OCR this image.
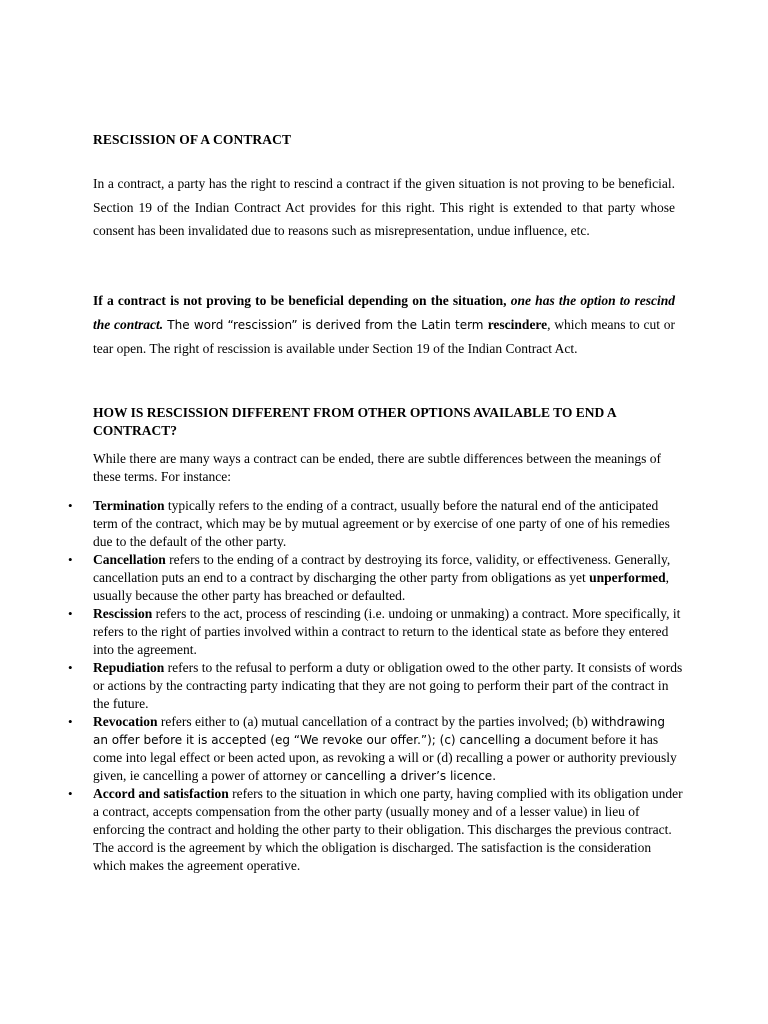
RESCISSION OF A CONTRACT

In a contract, a party has the right to rescind a contract if the given situation is not proving to be beneficial. Section 19 of the Indian Contract Act provides for this right. This right is extended to that party whose consent has been invalidated due to reasons such as misrepresentation, undue influence, etc.

If a contract is not proving to be beneficial depending on the situation, one has the option to rescind the contract. The word “rescission” is derived from the Latin term rescindere, which means to cut or tear open. The right of rescission is available under Section 19 of the Indian Contract Act.

HOW IS RESCISSION DIFFERENT FROM OTHER OPTIONS AVAILABLE TO END A CONTRACT?

While there are many ways a contract can be ended, there are subtle differences between the meanings of these terms. For instance:

• Termination typically refers to the ending of a contract, usually before the natural end of the anticipated term of the contract, which may be by mutual agreement or by exercise of one party of one of his remedies due to the default of the other party.
• Cancellation refers to the ending of a contract by destroying its force, validity, or effectiveness. Generally, cancellation puts an end to a contract by discharging the other party from obligations as yet unperformed, usually because the other party has breached or defaulted.
• Rescission refers to the act, process of rescinding (i.e. undoing or unmaking) a contract. More specifically, it refers to the right of parties involved within a contract to return to the identical state as before they entered into the agreement.
• Repudiation refers to the refusal to perform a duty or obligation owed to the other party. It consists of words or actions by the contracting party indicating that they are not going to perform their part of the contract in the future.
• Revocation refers either to (a) mutual cancellation of a contract by the parties involved; (b) withdrawing an offer before it is accepted (eg “We revoke our offer.”); (c) cancelling a document before it has come into legal effect or been acted upon, as revoking a will or (d) recalling a power or authority previously given, ie cancelling a power of attorney or cancelling a driver’s licence.
• Accord and satisfaction refers to the situation in which one party, having complied with its obligation under a contract, accepts compensation from the other party (usually money and of a lesser value) in lieu of enforcing the contract and holding the other party to their obligation. This discharges the previous contract. The accord is the agreement by which the obligation is discharged. The satisfaction is the consideration which makes the agreement operative.
